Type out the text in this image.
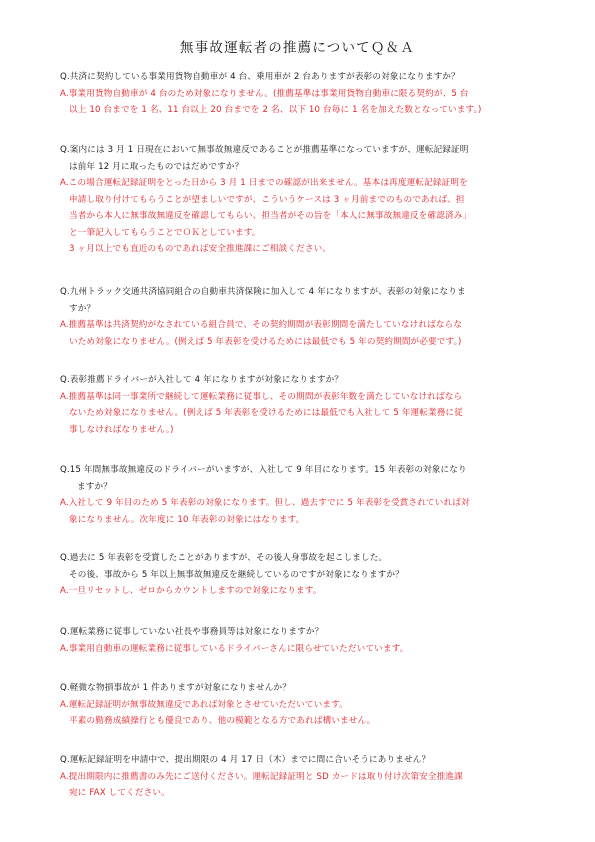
無事故運転者の推薦についてＱ＆Ａ
Q.共済に契約している事業用貨物自動車が 4 台、乗用車が 2 台ありますが表彰の対象になりますか？
A.事業用貨物自動車が 4 台のため対象になりません。(推薦基準は事業用貨物自動車に限る契約が、5 台
以上 10 台までを 1 名、11 台以上 20 台までを 2 名、以下 10 台毎に 1 名を加えた数となっています。)
Q.案内には 3 月 1 日現在において無事故無違反であることが推薦基準になっていますが、運転記録証明
は前年 12 月に取ったものではだめですか？
A.この場合運転記録証明をとった日から 3 月 1 日までの確認が出来ません。基本は再度運転記録証明を
申請し取り付けてもらうことが望ましいですが、こういうケースは 3 ヶ月前までのものであれば、担
当者から本人に無事故無違反を確認してもらい、担当者がその旨を「本人に無事故無違反を確認済み」
と一筆記入してもらうことでＯＫとしています。
3 ヶ月以上でも直近のものであれば安全推進課にご相談ください。
Q.九州トラック交通共済協同組合の自動車共済保険に加入して 4 年になりますが、表彰の対象になりま
すか？
A.推薦基準は共済契約がなされている組合員で、その契約期間が表彰期間を満たしていなければならな
いため対象になりません。(例えば 5 年表彰を受けるためには最低でも 5 年の契約期間が必要です。)
Q.表彰推薦ドライバーが入社して 4 年になりますが対象になりますか？
A.推薦基準は同一事業所で継続して運転業務に従事し、その期間が表彰年数を満たしていなければなら
ないため対象になりません。(例えば 5 年表彰を受けるためには最低でも入社して 5 年運転業務に従
事しなければなりません。)
Q.15 年間無事故無違反のドライバーがいますが、入社して 9 年目になります。15 年表彰の対象になり
ますか？
A.入社して 9 年目のため 5 年表彰の対象になります。但し、過去すでに 5 年表彰を受賞されていれば対
象になりません。次年度に 10 年表彰の対象にはなります。
Q.過去に 5 年表彰を受賞したことがありますが、その後人身事故を起こしました。
その後、事故から 5 年以上無事故無違反を継続しているのですが対象になりますか？
A.一旦リセットし、ゼロからカウントしますので対象になります。
Q.運転業務に従事していない社長や事務員等は対象になりますか？
A.事業用自動車の運転業務に従事しているドライバーさんに限らせていただいています。
Q.軽微な物損事故が 1 件ありますが対象になりませんか？
A.運転記録証明が無事故無違反であれば対象とさせていただいています。
平素の勤務成績操行とも優良であり、他の模範となる方であれば構いません。
Q.運転記録証明を申請中で、提出期限の 4 月 17 日（木）までに間に合いそうにありません？
A.提出期限内に推薦書のみ先にご送付ください。運転記録証明と SD カードは取り付け次第安全推進課
宛に FAX してください。
